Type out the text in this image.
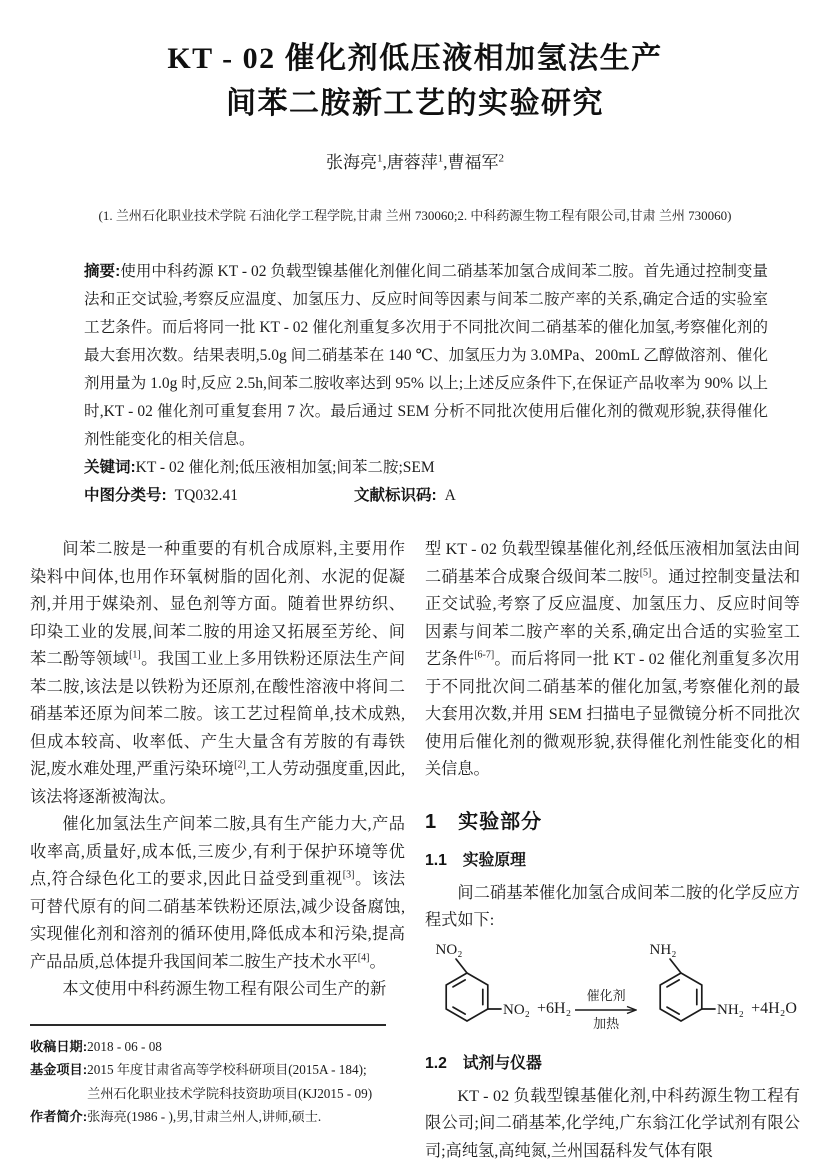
KT - 02 催化剂低压液相加氢法生产
间苯二胺新工艺的实验研究
张海亮$^1$,唐蓉萍$^1$,曹福军$^2$
(1. 兰州石化职业技术学院 石油化学工程学院,甘肃 兰州 730060;2. 中科药源生物工程有限公司,甘肃 兰州 730060)

摘要:使用中科药源 KT - 02 负载型镍基催化剂催化间二硝基苯加氢合成间苯二胺。首先通过控制变量法和正交试验,考察反应温度、加氢压力、反应时间等因素与间苯二胺产率的关系,确定合适的实验室工艺条件。而后将同一批 KT - 02 催化剂重复多次用于不同批次间二硝基苯的催化加氢,考察催化剂的最大套用次数。结果表明,5.0g 间二硝基苯在 140 ℃、加氢压力为 3.0MPa、200mL 乙醇做溶剂、催化剂用量为 1.0g 时,反应 2.5h,间苯二胺收率达到 95% 以上;上述反应条件下,在保证产品收率为 90% 以上时,KT - 02 催化剂可重复套用 7 次。最后通过 SEM 分析不同批次使用后催化剂的微观形貌,获得催化剂性能变化的相关信息。

关键词:KT - 02 催化剂;低压液相加氢;间苯二胺;SEM

中图分类号: TQ032.41	文献标识码: A

间苯二胺是一种重要的有机合成原料,主要用作染料中间体,也用作环氧树脂的固化剂、水泥的促凝剂,并用于媒染剂、显色剂等方面。随着世界纺织、印染工业的发展,间苯二胺的用途又拓展至芳纶、间苯二酚等领域[1]。我国工业上多用铁粉还原法生产间苯二胺,该法是以铁粉为还原剂,在酸性溶液中将间二硝基苯还原为间苯二胺。该工艺过程简单,技术成熟,但成本较高、收率低、产生大量含有芳胺的有毒铁泥,废水难处理,严重污染环境[2],工人劳动强度重,因此,该法将逐渐被淘汰。

催化加氢法生产间苯二胺,具有生产能力大,产品收率高,质量好,成本低,三废少,有利于保护环境等优点,符合绿色化工的要求,因此日益受到重视[3]。该法可替代原有的间二硝基苯铁粉还原法,减少设备腐蚀,实现催化剂和溶剂的循环使用,降低成本和污染,提高产品品质,总体提升我国间苯二胺生产技术水平[4]。

本文使用中科药源生物工程有限公司生产的新

收稿日期: 2018 - 06 - 08
基金项目: 2015 年度甘肃省高等学校科研项目(2015A - 184);
兰州石化职业技术学院科技资助项目(KJ2015 - 09)
作者简介: 张海亮(1986 - ),男,甘肃兰州人,讲师,硕士.

型 KT - 02 负载型镍基催化剂,经低压液相加氢法由间二硝基苯合成聚合级间苯二胺[5]。通过控制变量法和正交试验,考察了反应温度、加氢压力、反应时间等因素与间苯二胺产率的关系,确定出合适的实验室工艺条件[6-7]。而后将同一批 KT - 02 催化剂重复多次用于不同批次间二硝基苯的催化加氢,考察催化剂的最大套用次数,并用 SEM 扫描电子显微镜分析不同批次使用后催化剂的微观形貌,获得催化剂性能变化的相关信息。

1　实验部分
1.1　实验原理

间二硝基苯催化加氢合成间苯二胺的化学反应方程式如下:

NO₂
NO₂ +6H₂
催化剂
加热
NH₂
NH₂ +4H₂O
1.2　试剂与仪器

KT - 02 负载型镍基催化剂,中科药源生物工程有限公司;间二硝基苯,化学纯,广东翁江化学试剂有限公司;高纯氢,高纯氮,兰州国磊科发气体有限
